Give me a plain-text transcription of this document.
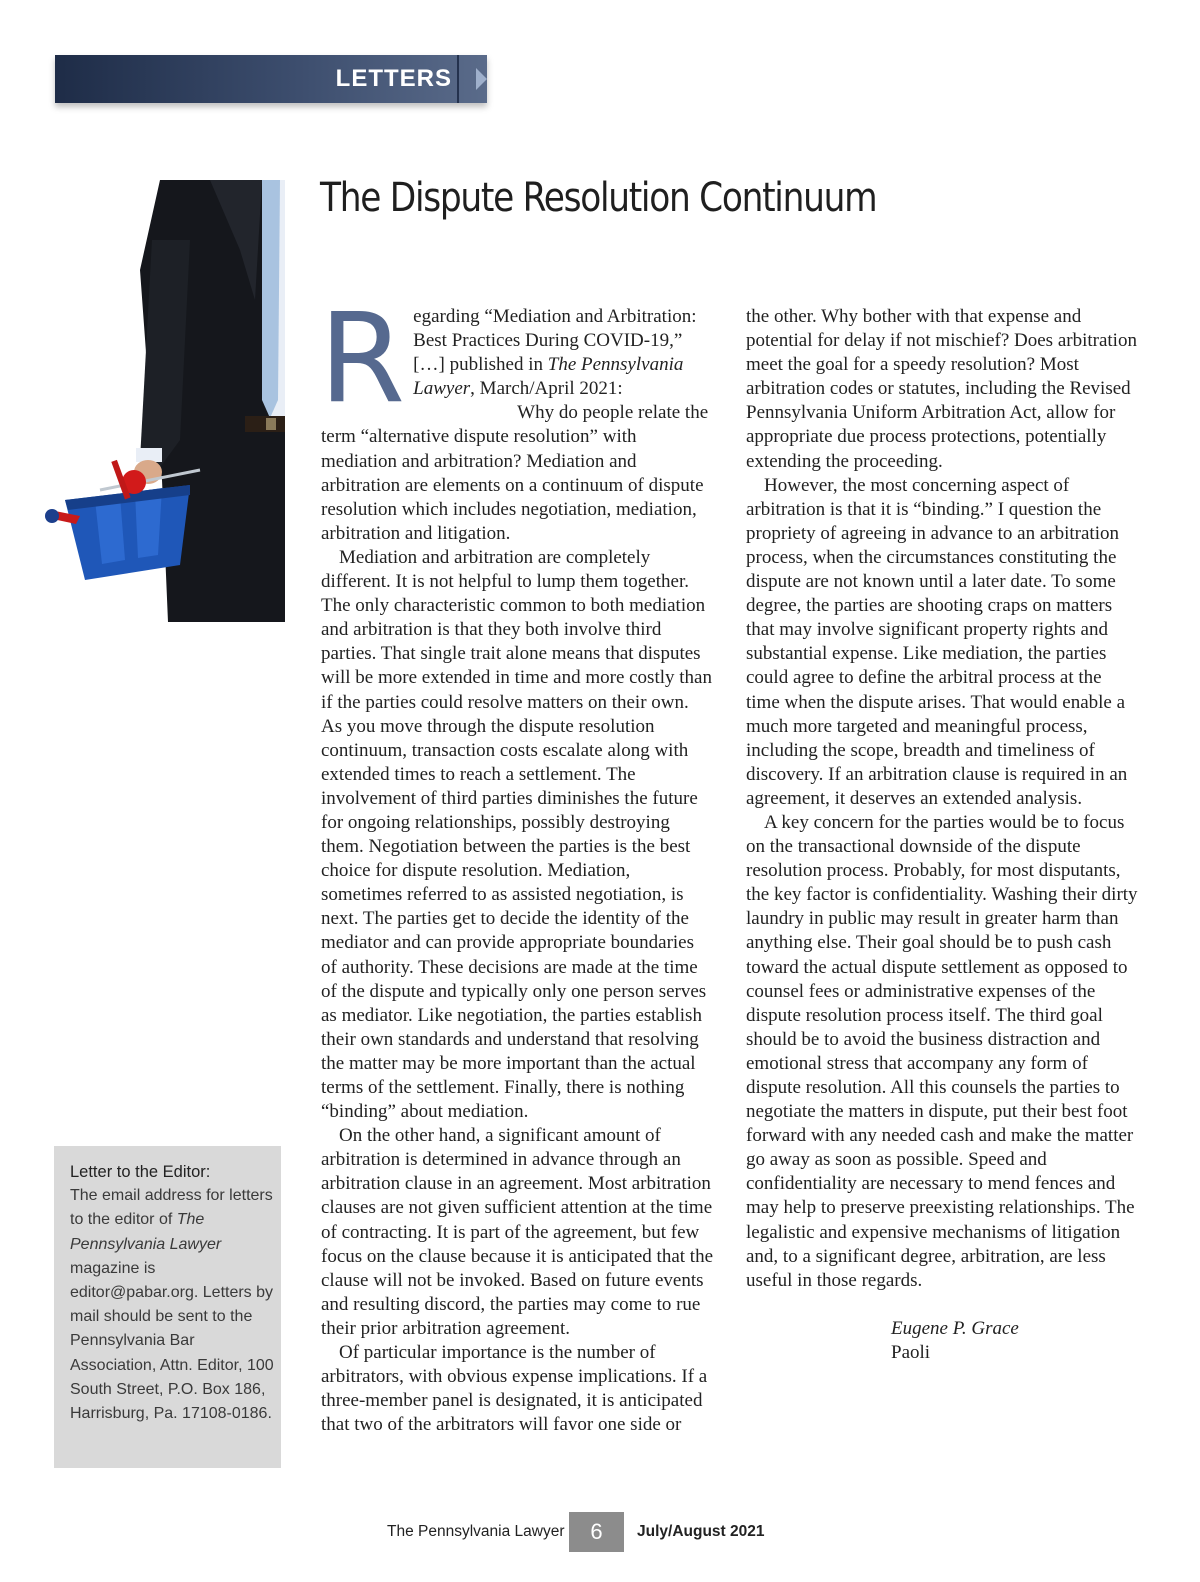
LETTERS
The Dispute Resolution Continuum

Regarding “Mediation and Arbitration: Best Practices During COVID-19,” […] published in The Pennsylvania Lawyer, March/April 2021:

Why do people relate the term “alternative dispute resolution” with mediation and arbitration? Mediation and arbitration are elements on a continuum of dispute resolution which includes negotiation, mediation, arbitration and litigation.

Mediation and arbitration are completely different. It is not helpful to lump them together. The only characteristic common to both mediation and arbitration is that they both involve third parties. That single trait alone means that disputes will be more extended in time and more costly than if the parties could resolve matters on their own. As you move through the dispute resolution continuum, transaction costs escalate along with extended times to reach a settlement. The involvement of third parties diminishes the future for ongoing relationships, possibly destroying them. Negotiation between the parties is the best choice for dispute resolution. Mediation, sometimes referred to as assisted negotiation, is next. The parties get to decide the identity of the mediator and can provide appropriate boundaries of authority. These decisions are made at the time of the dispute and typically only one person serves as mediator. Like negotiation, the parties establish their own standards and understand that resolving the matter may be more important than the actual terms of the settlement. Finally, there is nothing “binding” about mediation.

On the other hand, a significant amount of arbitration is determined in advance through an arbitration clause in an agreement. Most arbitration clauses are not given sufficient attention at the time of contracting. It is part of the agreement, but few focus on the clause because it is anticipated that the clause will not be invoked. Based on future events and resulting discord, the parties may come to rue their prior arbitration agreement.

Of particular importance is the number of arbitrators, with obvious expense implications. If a three-member panel is designated, it is anticipated that two of the arbitrators will favor one side or

the other. Why bother with that expense and potential for delay if not mischief? Does arbitration meet the goal for a speedy resolution? Most arbitration codes or statutes, including the Revised Pennsylvania Uniform Arbitration Act, allow for appropriate due process protections, potentially extending the proceeding.

However, the most concerning aspect of arbitration is that it is “binding.” I question the propriety of agreeing in advance to an arbitration process, when the circumstances constituting the dispute are not known until a later date. To some degree, the parties are shooting craps on matters that may involve significant property rights and substantial expense. Like mediation, the parties could agree to define the arbitral process at the time when the dispute arises. That would enable a much more targeted and meaningful process, including the scope, breadth and timeliness of discovery. If an arbitration clause is required in an agreement, it deserves an extended analysis.

A key concern for the parties would be to focus on the transactional downside of the dispute resolution process. Probably, for most disputants, the key factor is confidentiality. Washing their dirty laundry in public may result in greater harm than anything else. Their goal should be to push cash toward the actual dispute settlement as opposed to counsel fees or administrative expenses of the dispute resolution process itself. The third goal should be to avoid the business distraction and emotional stress that accompany any form of dispute resolution. All this counsels the parties to negotiate the matters in dispute, put their best foot forward with any needed cash and make the matter go away as soon as possible. Speed and confidentiality are necessary to mend fences and may help to preserve preexisting relationships. The legalistic and expensive mechanisms of litigation and, to a significant degree, arbitration, are less useful in those regards.

Eugene P. Grace
Paoli

Letter to the Editor:
The email address for letters to the editor of The Pennsylvania Lawyer magazine is editor@pabar.org. Letters by mail should be sent to the Pennsylvania Bar Association, Attn. Editor, 100 South Street, P.O. Box 186, Harrisburg, Pa. 17108-0186.
The Pennsylvania Lawyer	6	July/August 2021
